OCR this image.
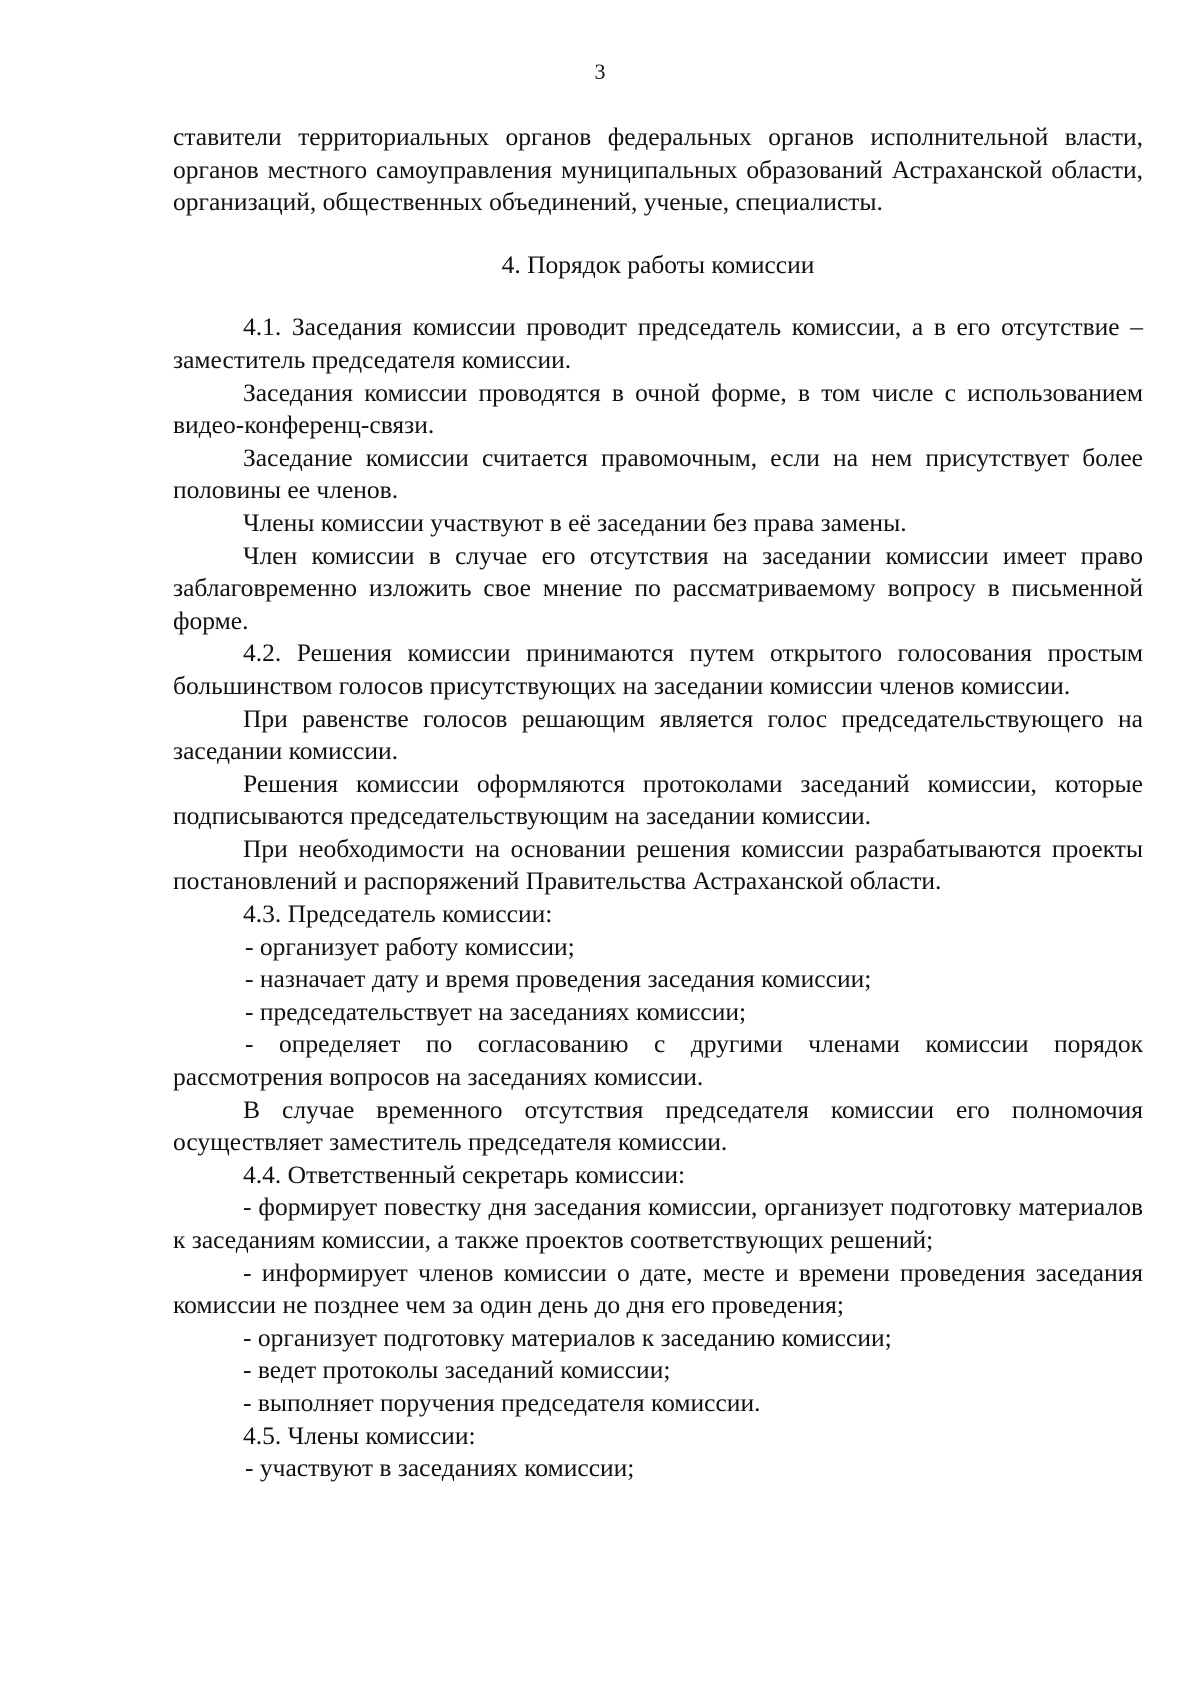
3

ставители территориальных органов федеральных органов исполнительной власти, органов местного самоуправления муниципальных образований Астраханской области, организаций, общественных объединений, ученые, специалисты.

4. Порядок работы комиссии

4.1. Заседания комиссии проводит председатель комиссии, а в его отсутствие – заместитель председателя комиссии.

Заседания комиссии проводятся в очной форме, в том числе с использованием видео-конференц-связи.

Заседание комиссии считается правомочным, если на нем присутствует более половины ее членов.

Члены комиссии участвуют в её заседании без права замены.

Член комиссии в случае его отсутствия на заседании комиссии имеет право заблаговременно изложить свое мнение по рассматриваемому вопросу в письменной форме.

4.2. Решения комиссии принимаются путем открытого голосования простым большинством голосов присутствующих на заседании комиссии членов комиссии.

При равенстве голосов решающим является голос председательствующего на заседании комиссии.

Решения комиссии оформляются протоколами заседаний комиссии, которые подписываются председательствующим на заседании комиссии.

При необходимости на основании решения комиссии разрабатываются проекты постановлений и распоряжений Правительства Астраханской области.

4.3. Председатель комиссии:

- организует работу комиссии;

- назначает дату и время проведения заседания комиссии;

- председательствует на заседаниях комиссии;

- определяет по согласованию с другими членами комиссии порядок рассмотрения вопросов на заседаниях комиссии.

В случае временного отсутствия председателя комиссии его полномочия осуществляет заместитель председателя комиссии.

4.4. Ответственный секретарь комиссии:

- формирует повестку дня заседания комиссии, организует подготовку материалов к заседаниям комиссии, а также проектов соответствующих решений;

- информирует членов комиссии о дате, месте и времени проведения заседания комиссии не позднее чем за один день до дня его проведения;

- организует подготовку материалов к заседанию комиссии;

- ведет протоколы заседаний комиссии;

- выполняет поручения председателя комиссии.

4.5. Члены комиссии:

- участвуют в заседаниях комиссии;
